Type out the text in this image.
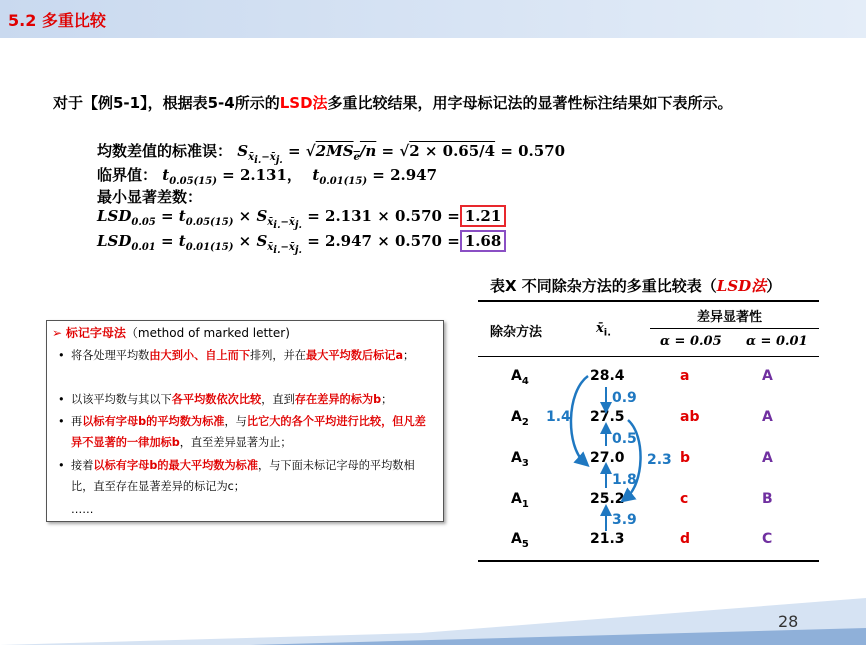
5.2 多重比较
对于【例5-1】，根据表5-4所示的LSD法多重比较结果，用字母标记法的显著性标注结果如下表所示。
均数差值的标准误： $S_{x̄_{i.}-x̄_{j.}} = √2MS_e/n = √2 \times 0.65/4 = 0.570$
临界值： $t_{0.05(15)} = 2.131$，  $t_{0.01(15)} = 2.947$
最小显著差数：
$LSD_{0.05} = t_{0.05(15)} \times S_{x̄_{i.}-x̄_{j.}} = 2.131 \times 0.570 = 1.21$
$LSD_{0.01} = t_{0.01(15)} \times S_{x̄_{i.}-x̄_{j.}} = 2.947 \times 0.570 = 1.68$
➢ 标记字母法（method of marked letter)
• 将各处理平均数由大到小、自上而下排列，并在最大平均数后标记a；
• 以该平均数与其以下各平均数依次比较，直到存在差异的标为b；
• 再以标有字母b的平均数为标准，与比它大的各个平均进行比较，但凡差异不显著的一律加标b，直至差异显著为止；
• 接着以标有字母b的最大平均数为标准，与下面未标记字母的平均数相比，直至存在显著差异的标记为c；
……
表X 不同除杂方法的多重比较表（LSD法）
除杂方法	$x̄_{i.}$
差异显著性
α = 0.05 α = 0.01
$A_4$	28.4	a	A
$A_2$	27.5	ab	A
$A_3$	27.0	b	A
$A_1$	25.2	c	B
$A_5$	21.3	d	C
0.9
0.5
1.8
3.9
1.4
2.3
28
